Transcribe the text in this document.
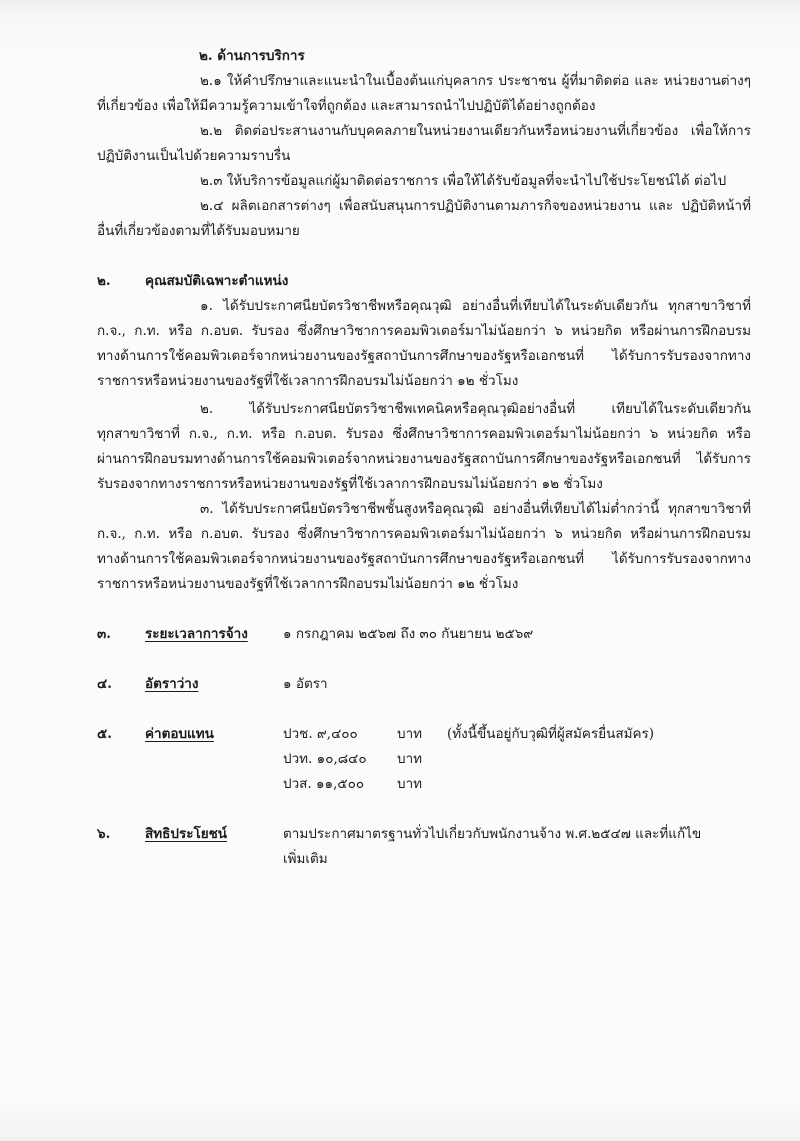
๒. ด้านการบริการ
๒.๑ ให้คำปรึกษาและแนะนำในเบื้องต้นแก่บุคลากร ประชาชน ผู้ที่มาติดต่อ และ หน่วยงานต่างๆ
ที่เกี่ยวข้อง เพื่อให้มีความรู้ความเข้าใจที่ถูกต้อง และสามารถนำไปปฏิบัติได้อย่างถูกต้อง
๒.๒ ติดต่อประสานงานกับบุคคลภายในหน่วยงานเดียวกันหรือหน่วยงานที่เกี่ยวข้อง เพื่อให้การ
ปฏิบัติงานเป็นไปด้วยความราบรื่น
๒.๓ ให้บริการข้อมูลแก่ผู้มาติดต่อราชการ เพื่อให้ได้รับข้อมูลที่จะนำไปใช้ประโยชน์ได้ ต่อไป
๒.๔ ผลิตเอกสารต่างๆ เพื่อสนับสนุนการปฏิบัติงานตามภารกิจของหน่วยงาน และ ปฏิบัติหน้าที่
อื่นที่เกี่ยวข้องตามที่ได้รับมอบหมาย
๒.	คุณสมบัติเฉพาะตำแหน่ง
๑. ได้รับประกาศนียบัตรวิชาชีพหรือคุณวุฒิ อย่างอื่นที่เทียบได้ในระดับเดียวกัน ทุกสาขาวิชาที่
ก.จ., ก.ท. หรือ ก.อบต. รับรอง ซึ่งศึกษาวิชาการคอมพิวเตอร์มาไม่น้อยกว่า ๖ หน่วยกิต หรือผ่านการฝึกอบรม
ทางด้านการใช้คอมพิวเตอร์จากหน่วยงานของรัฐสถาบันการศึกษาของรัฐหรือเอกชนที่ ได้รับการรับรองจากทาง
ราชการหรือหน่วยงานของรัฐที่ใช้เวลาการฝึกอบรมไม่น้อยกว่า ๑๒ ชั่วโมง
๒. ได้รับประกาศนียบัตรวิชาชีพเทคนิคหรือคุณวุฒิอย่างอื่นที่ เทียบได้ในระดับเดียวกัน
ทุกสาขาวิชาที่ ก.จ., ก.ท. หรือ ก.อบต. รับรอง ซึ่งศึกษาวิชาการคอมพิวเตอร์มาไม่น้อยกว่า ๖ หน่วยกิต หรือ
ผ่านการฝึกอบรมทางด้านการใช้คอมพิวเตอร์จากหน่วยงานของรัฐสถาบันการศึกษาของรัฐหรือเอกชนที่ ได้รับการ
รับรองจากทางราชการหรือหน่วยงานของรัฐที่ใช้เวลาการฝึกอบรมไม่น้อยกว่า ๑๒ ชั่วโมง
๓. ได้รับประกาศนียบัตรวิชาชีพชั้นสูงหรือคุณวุฒิ อย่างอื่นที่เทียบได้ไม่ต่ำกว่านี้ ทุกสาขาวิชาที่
ก.จ., ก.ท. หรือ ก.อบต. รับรอง ซึ่งศึกษาวิชาการคอมพิวเตอร์มาไม่น้อยกว่า ๖ หน่วยกิต หรือผ่านการฝึกอบรม
ทางด้านการใช้คอมพิวเตอร์จากหน่วยงานของรัฐสถาบันการศึกษาของรัฐหรือเอกชนที่ ได้รับการรับรองจากทาง
ราชการหรือหน่วยงานของรัฐที่ใช้เวลาการฝึกอบรมไม่น้อยกว่า ๑๒ ชั่วโมง
๓.	ระยะเวลาการจ้าง	๑ กรกฎาคม ๒๕๖๗ ถึง ๓๐ กันยายน ๒๕๖๙
๔. อัตราว่าง	๑ อัตรา
๕. ค่าตอบแทน	ปวช. ๙,๔๐๐	บาท (ทั้งนี้ขึ้นอยู่กับวุฒิที่ผู้สมัครยื่นสมัคร)
ปวท. ๑๐,๘๔๐ บาท
ปวส. ๑๑,๕๐๐ บาท
๖.	สิทธิประโยชน์	ตามประกาศมาตรฐานทั่วไปเกี่ยวกับพนักงานจ้าง พ.ศ.๒๕๔๗ และที่แก้ไข
เพิ่มเติม
